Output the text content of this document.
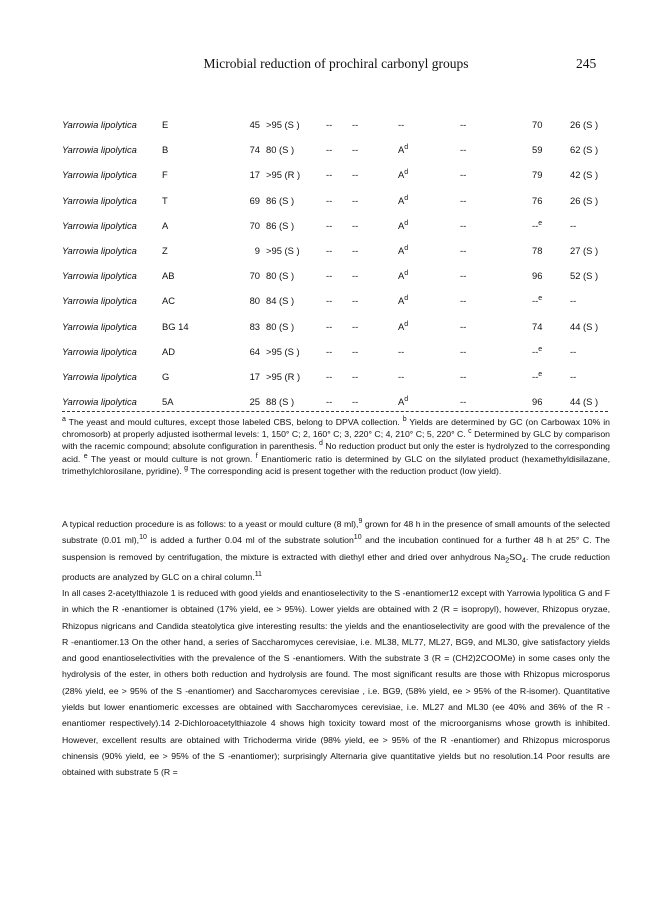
Microbial reduction of prochiral carbonyl groups	245
Yarrowia lipolytica	E	45	>95 (S )	--	--	--	--	70	26 (S )
Yarrowia lipolytica	B	74	80 (S )	--	--	$A^d$	--	59	62 (S )
Yarrowia lipolytica	F	17	>95 (R )	--	--	$A^d$	--	79	42 (S )
Yarrowia lipolytica	T	69	86 (S )	--	--	$A^d$	--	76	26 (S )
Yarrowia lipolytica	A	70	86 (S )	--	--	$A^d$	--	--$^e$	--
Yarrowia lipolytica	Z	9	>95 (S )	--	--	$A^d$	--	78	27 (S )
Yarrowia lipolytica	AB	70	80 (S )	--	--	$A^d$	--	96	52 (S )
Yarrowia lipolytica	AC	80	84 (S )	--	--	$A^d$	--	--$^e$	--
Yarrowia lipolytica	BG 14	83	80 (S )	--	--	$A^d$	--	74	44 (S )
Yarrowia lipolytica	AD	64	>95 (S )	--	--	--	--	--$^e$	--
Yarrowia lipolytica	G	17	>95 (R )	--	--	--	--	--$^e$	--
Yarrowia lipolytica	5A	25	88 (S )	--	--	$A^d$	--	96	44 (S )
$^a$ The yeast and mould cultures, except those labeled CBS, belong to DPVA collection. $^b$ Yields are determined by GC (on Carbowax 10% in chromosorb) at properly adjusted isothermal levels: 1, 150° C; 2, 160° C; 3, 220° C; 4, 210° C; 5, 220° C. $^c$ Determined by GLC by comparison with the racemic compound; absolute configuration in parenthesis. $^d$ No reduction product but only the ester is hydrolyzed to the corresponding acid. $^e$ The yeast or mould culture is not grown. $^f$ Enantiomeric ratio is determined by GLC on the silylated product (hexamethyldisilazane, trimethylchlorosilane, pyridine). $^g$ The corresponding acid is present together with the reduction product (low yield).

A typical reduction procedure is as follows: to a yeast or mould culture (8 ml),$^9$ grown for 48 h in the presence of small amounts of the selected substrate (0.01 ml),$^{10}$ is added a further 0.04 ml of the substrate solution$^{10}$ and the incubation continued for a further 48 h at 25° C. The suspension is removed by centrifugation, the mixture is extracted with diethyl ether and dried over anhydrous $Na_2SO_4$. The crude reduction products are analyzed by GLC on a chiral column.$^{11}$

In all cases 2-acetylthiazole 1 is reduced with good yields and enantioselectivity to the S -enantiomer12 except with Yarrowia lypolitica G and F in which the R -enantiomer is obtained (17% yield, ee > 95%). Lower yields are obtained with 2 (R = isopropyl), however, Rhizopus oryzae, Rhizopus nigricans and Candida steatolytica give interesting results: the yields and the enantioselectivity are good with the prevalence of the R -enantiomer.13 On the other hand, a series of Saccharomyces cerevisiae, i.e. ML38, ML77, ML27, BG9, and ML30, give satisfactory yields and good enantioselectivities with the prevalence of the S -enantiomers. With the substrate 3 (R = (CH2)2COOMe) in some cases only the hydrolysis of the ester, in others both reduction and hydrolysis are found. The most significant results are those with Rhizopus microsporus (28% yield, ee > 95% of the S -enantiomer) and Saccharomyces cerevisiae , i.e. BG9, (58% yield, ee > 95% of the R-isomer). Quantitative yields but lower enantiomeric excesses are obtained with Saccharomyces cerevisiae, i.e. ML27 and ML30 (ee 40% and 36% of the R -enantiomer respectively).14 2-Dichloroacetylthiazole 4 shows high toxicity toward most of the microorganisms whose growth is inhibited. However, excellent results are obtained with Trichoderma viride (98% yield, ee > 95% of the R -enantiomer) and Rhizopus microsporus chinensis (90% yield, ee > 95% of the S -enantiomer); surprisingly Alternaria give quantitative yields but no resolution.14 Poor results are obtained with substrate 5 (R =
